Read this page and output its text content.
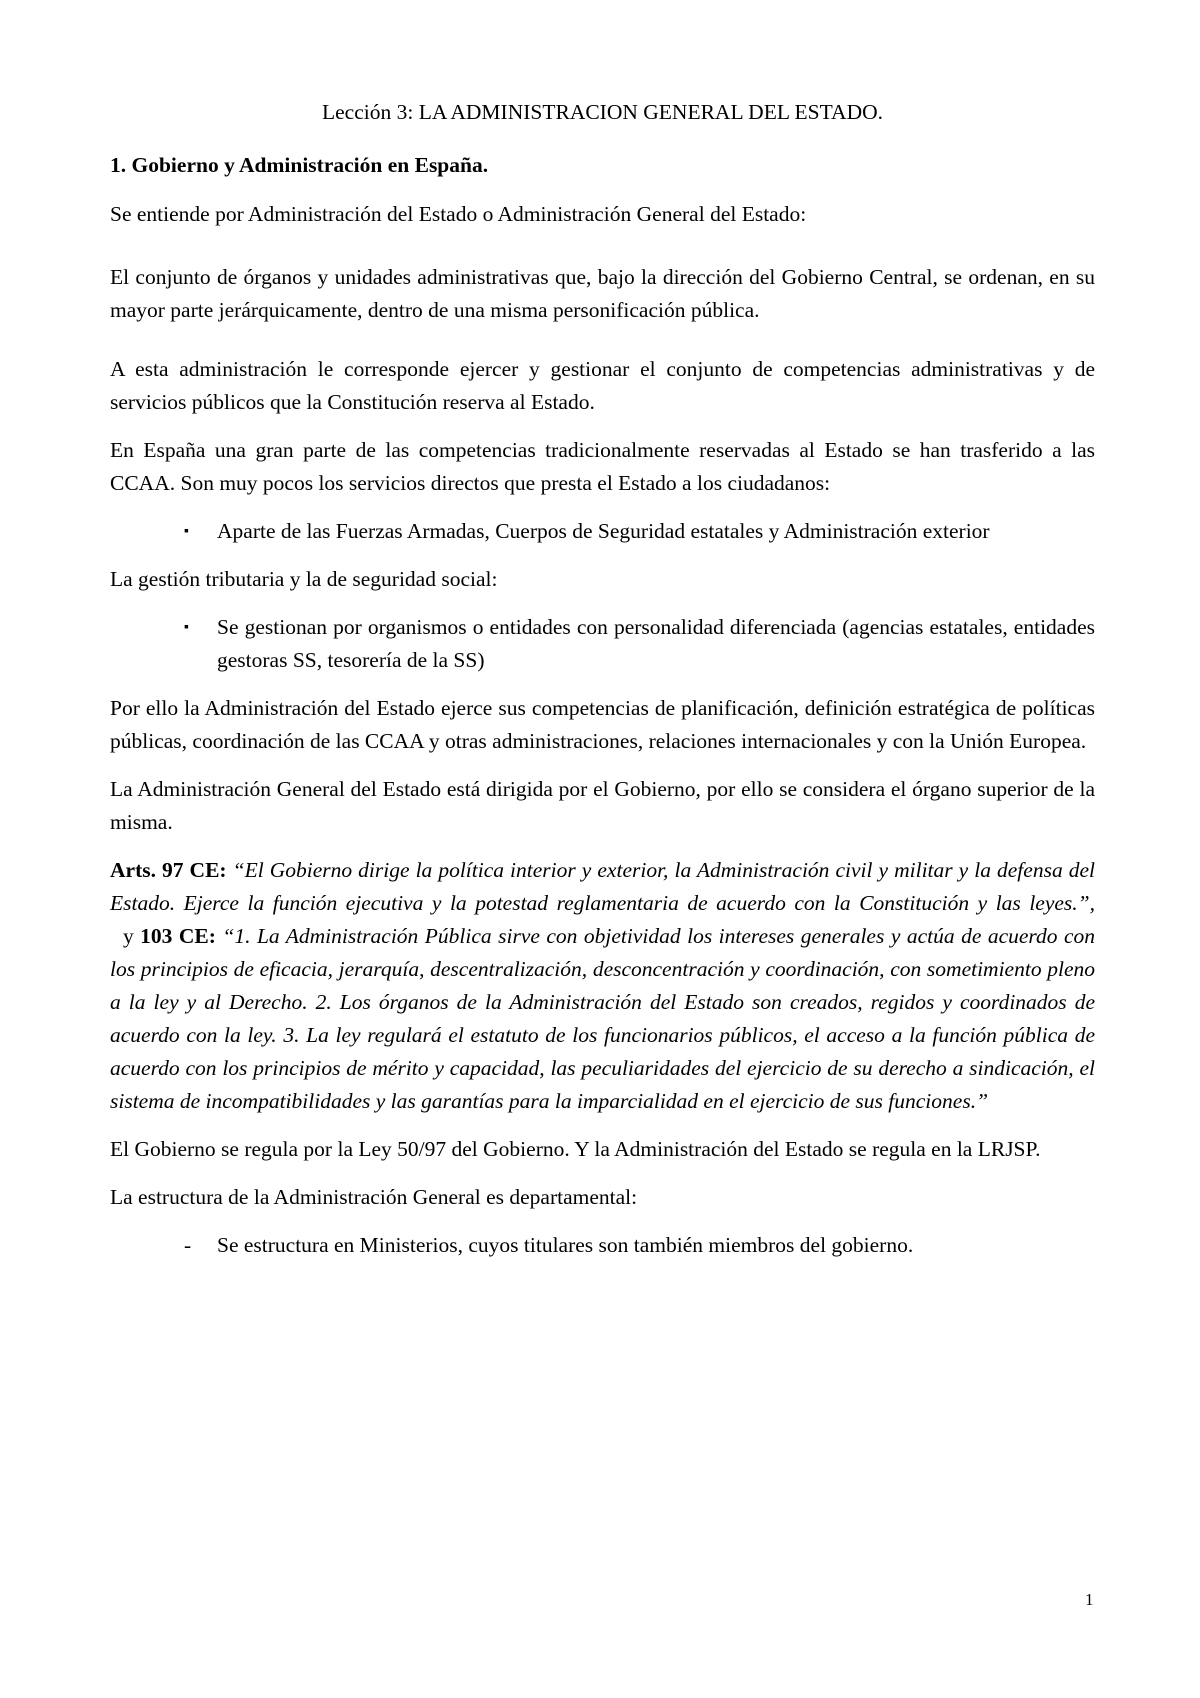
Lección 3: LA ADMINISTRACION GENERAL DEL ESTADO.
1. Gobierno y Administración en España.

Se entiende por Administración del Estado o Administración General del Estado:

El conjunto de órganos y unidades administrativas que, bajo la dirección del Gobierno Central, se ordenan, en su mayor parte jerárquicamente, dentro de una misma personificación pública.

A esta administración le corresponde ejercer y gestionar el conjunto de competencias administrativas y de servicios públicos que la Constitución reserva al Estado.

En España una gran parte de las competencias tradicionalmente reservadas al Estado se han trasferido a las CCAA. Son muy pocos los servicios directos que presta el Estado a los ciudadanos:

▪ Aparte de las Fuerzas Armadas, Cuerpos de Seguridad estatales y Administración exterior

La gestión tributaria y la de seguridad social:

▪ Se gestionan por organismos o entidades con personalidad diferenciada (agencias estatales, entidades gestoras SS, tesorería de la SS)

Por ello la Administración del Estado ejerce sus competencias de planificación, definición estratégica de políticas públicas, coordinación de las CCAA y otras administraciones, relaciones internacionales y con la Unión Europea.

La Administración General del Estado está dirigida por el Gobierno, por ello se considera el órgano superior de la misma.

Arts. 97 CE: “El Gobierno dirige la política interior y exterior, la Administración civil y militar y la defensa del Estado. Ejerce la función ejecutiva y la potestad reglamentaria de acuerdo con la Constitución y las leyes.”,  y 103 CE: “1. La Administración Pública sirve con objetividad los intereses generales y actúa de acuerdo con los principios de eficacia, jerarquía, descentralización, desconcentración y coordinación, con sometimiento pleno a la ley y al Derecho. 2. Los órganos de la Administración del Estado son creados, regidos y coordinados de acuerdo con la ley. 3. La ley regulará el estatuto de los funcionarios públicos, el acceso a la función pública de acuerdo con los principios de mérito y capacidad, las peculiaridades del ejercicio de su derecho a sindicación, el sistema de incompatibilidades y las garantías para la imparcialidad en el ejercicio de sus funciones.”

El Gobierno se regula por la Ley 50/97 del Gobierno. Y la Administración del Estado se regula en la LRJSP.

La estructura de la Administración General es departamental:

- Se estructura en Ministerios, cuyos titulares son también miembros del gobierno.
1
